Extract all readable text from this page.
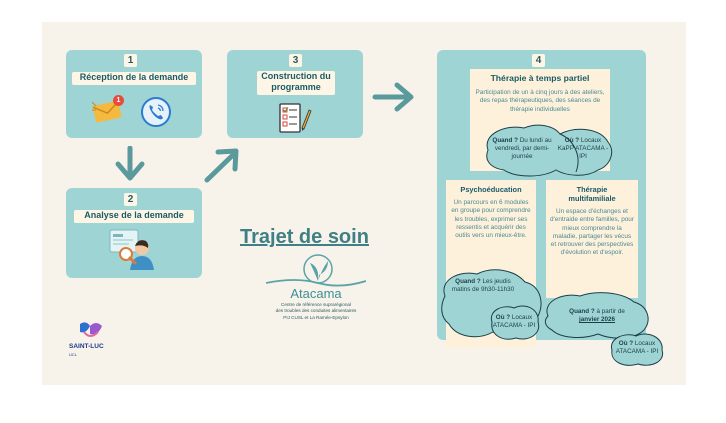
1
Réception de la demande
1
2
Analyse de la demande
3
Construction du programme
4
Thérapie à temps partiel
Participation de un à cinq jours à des ateliers, des repas thérapeutiques, des séances de thérapie individuelles
Quand ? Du lundi au vendredi, par demi-journée
Où ? Locaux KaPP ATACAMA - IPI
Psychoéducation
Un parcours en 6 modules en groupe pour comprendre les troubles, exprimer ses ressentis et acquérir des outils vers un mieux-être.
Quand ? Les jeudis matins de 9h30-11h30
Où ? Locaux ATACAMA - IPI
Thérapie multifamiliale
Un espace d'échanges et d'entraide entre familles, pour mieux comprendre la maladie, partager les vécus et retrouver des perspectives d'évolution et d'espoir.
Quand ? à partir de
janvier 2026
Où ? Locaux ATACAMA - IPI
Trajet de soin
Atacama
Centre de référence suprarégional
des troubles des conduites alimentaires
PIJ CUSL et La Ramée-Epsylon
SAINT-LUC
UCL
